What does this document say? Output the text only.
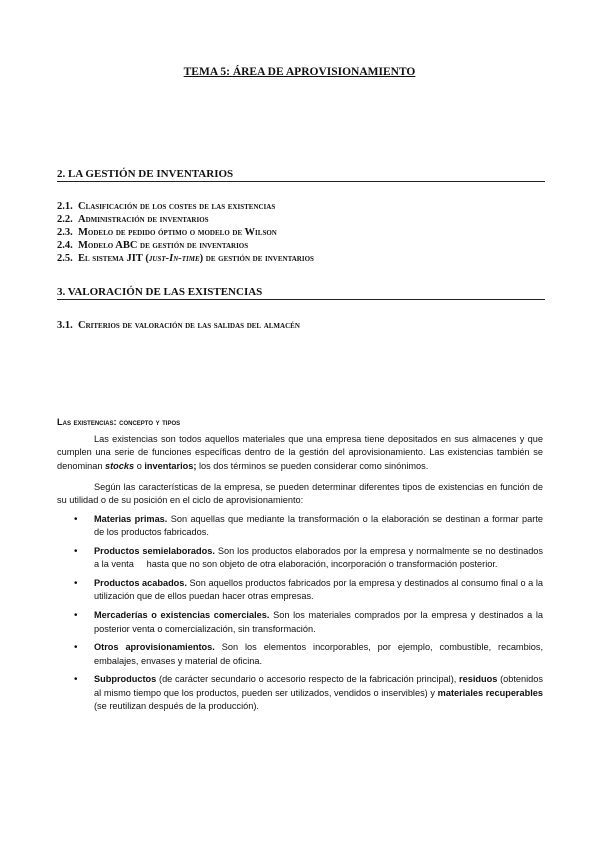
TEMA 5: ÁREA DE APROVISIONAMIENTO
2. LA GESTIÓN DE INVENTARIOS
2.1. Clasificación de los costes de las existencias
2.2. Administración de inventarios
2.3. Modelo de pedido óptimo o modelo de Wilson
2.4. Modelo ABC de gestión de inventarios
2.5. El sistema JIT (just-In-time) de gestión de inventarios
3. VALORACIÓN DE LAS EXISTENCIAS
3.1. Criterios de valoración de las salidas del almacén
Las existencias: concepto y tipos

Las existencias son todos aquellos materiales que una empresa tiene depositados en sus almacenes y que cumplen una serie de funciones específicas dentro de la gestión del aprovisionamiento. Las existencias también se denominan stocks o inventarios; los dos términos se pueden considerar como sinónimos.

Según las características de la empresa, se pueden determinar diferentes tipos de existencias en función de su utilidad o de su posición en el ciclo de aprovisionamiento:

• Materias primas. Son aquellas que mediante la transformación o la elaboración se destinan a formar parte de los productos fabricados.
• Productos semielaborados. Son los productos elaborados por la empresa y normalmente se no destinados a la venta     hasta que no son objeto de otra elaboración, incorporación o transformación posterior.
• Productos acabados. Son aquellos productos fabricados por la empresa y destinados al consumo final o a la utilización que de ellos puedan hacer otras empresas.
• Mercaderías o existencias comerciales. Son los materiales comprados por la empresa y destinados a la posterior venta o comercialización, sin transformación.
• Otros aprovisionamientos. Son los elementos incorporables, por ejemplo, combustible, recambios, embalajes, envases y material de oficina.
• Subproductos (de carácter secundario o accesorio respecto de la fabricación principal), residuos (obtenidos al mismo tiempo que los productos, pueden ser utilizados, vendidos o inservibles) y materiales recuperables (se reutilizan después de la producción).
